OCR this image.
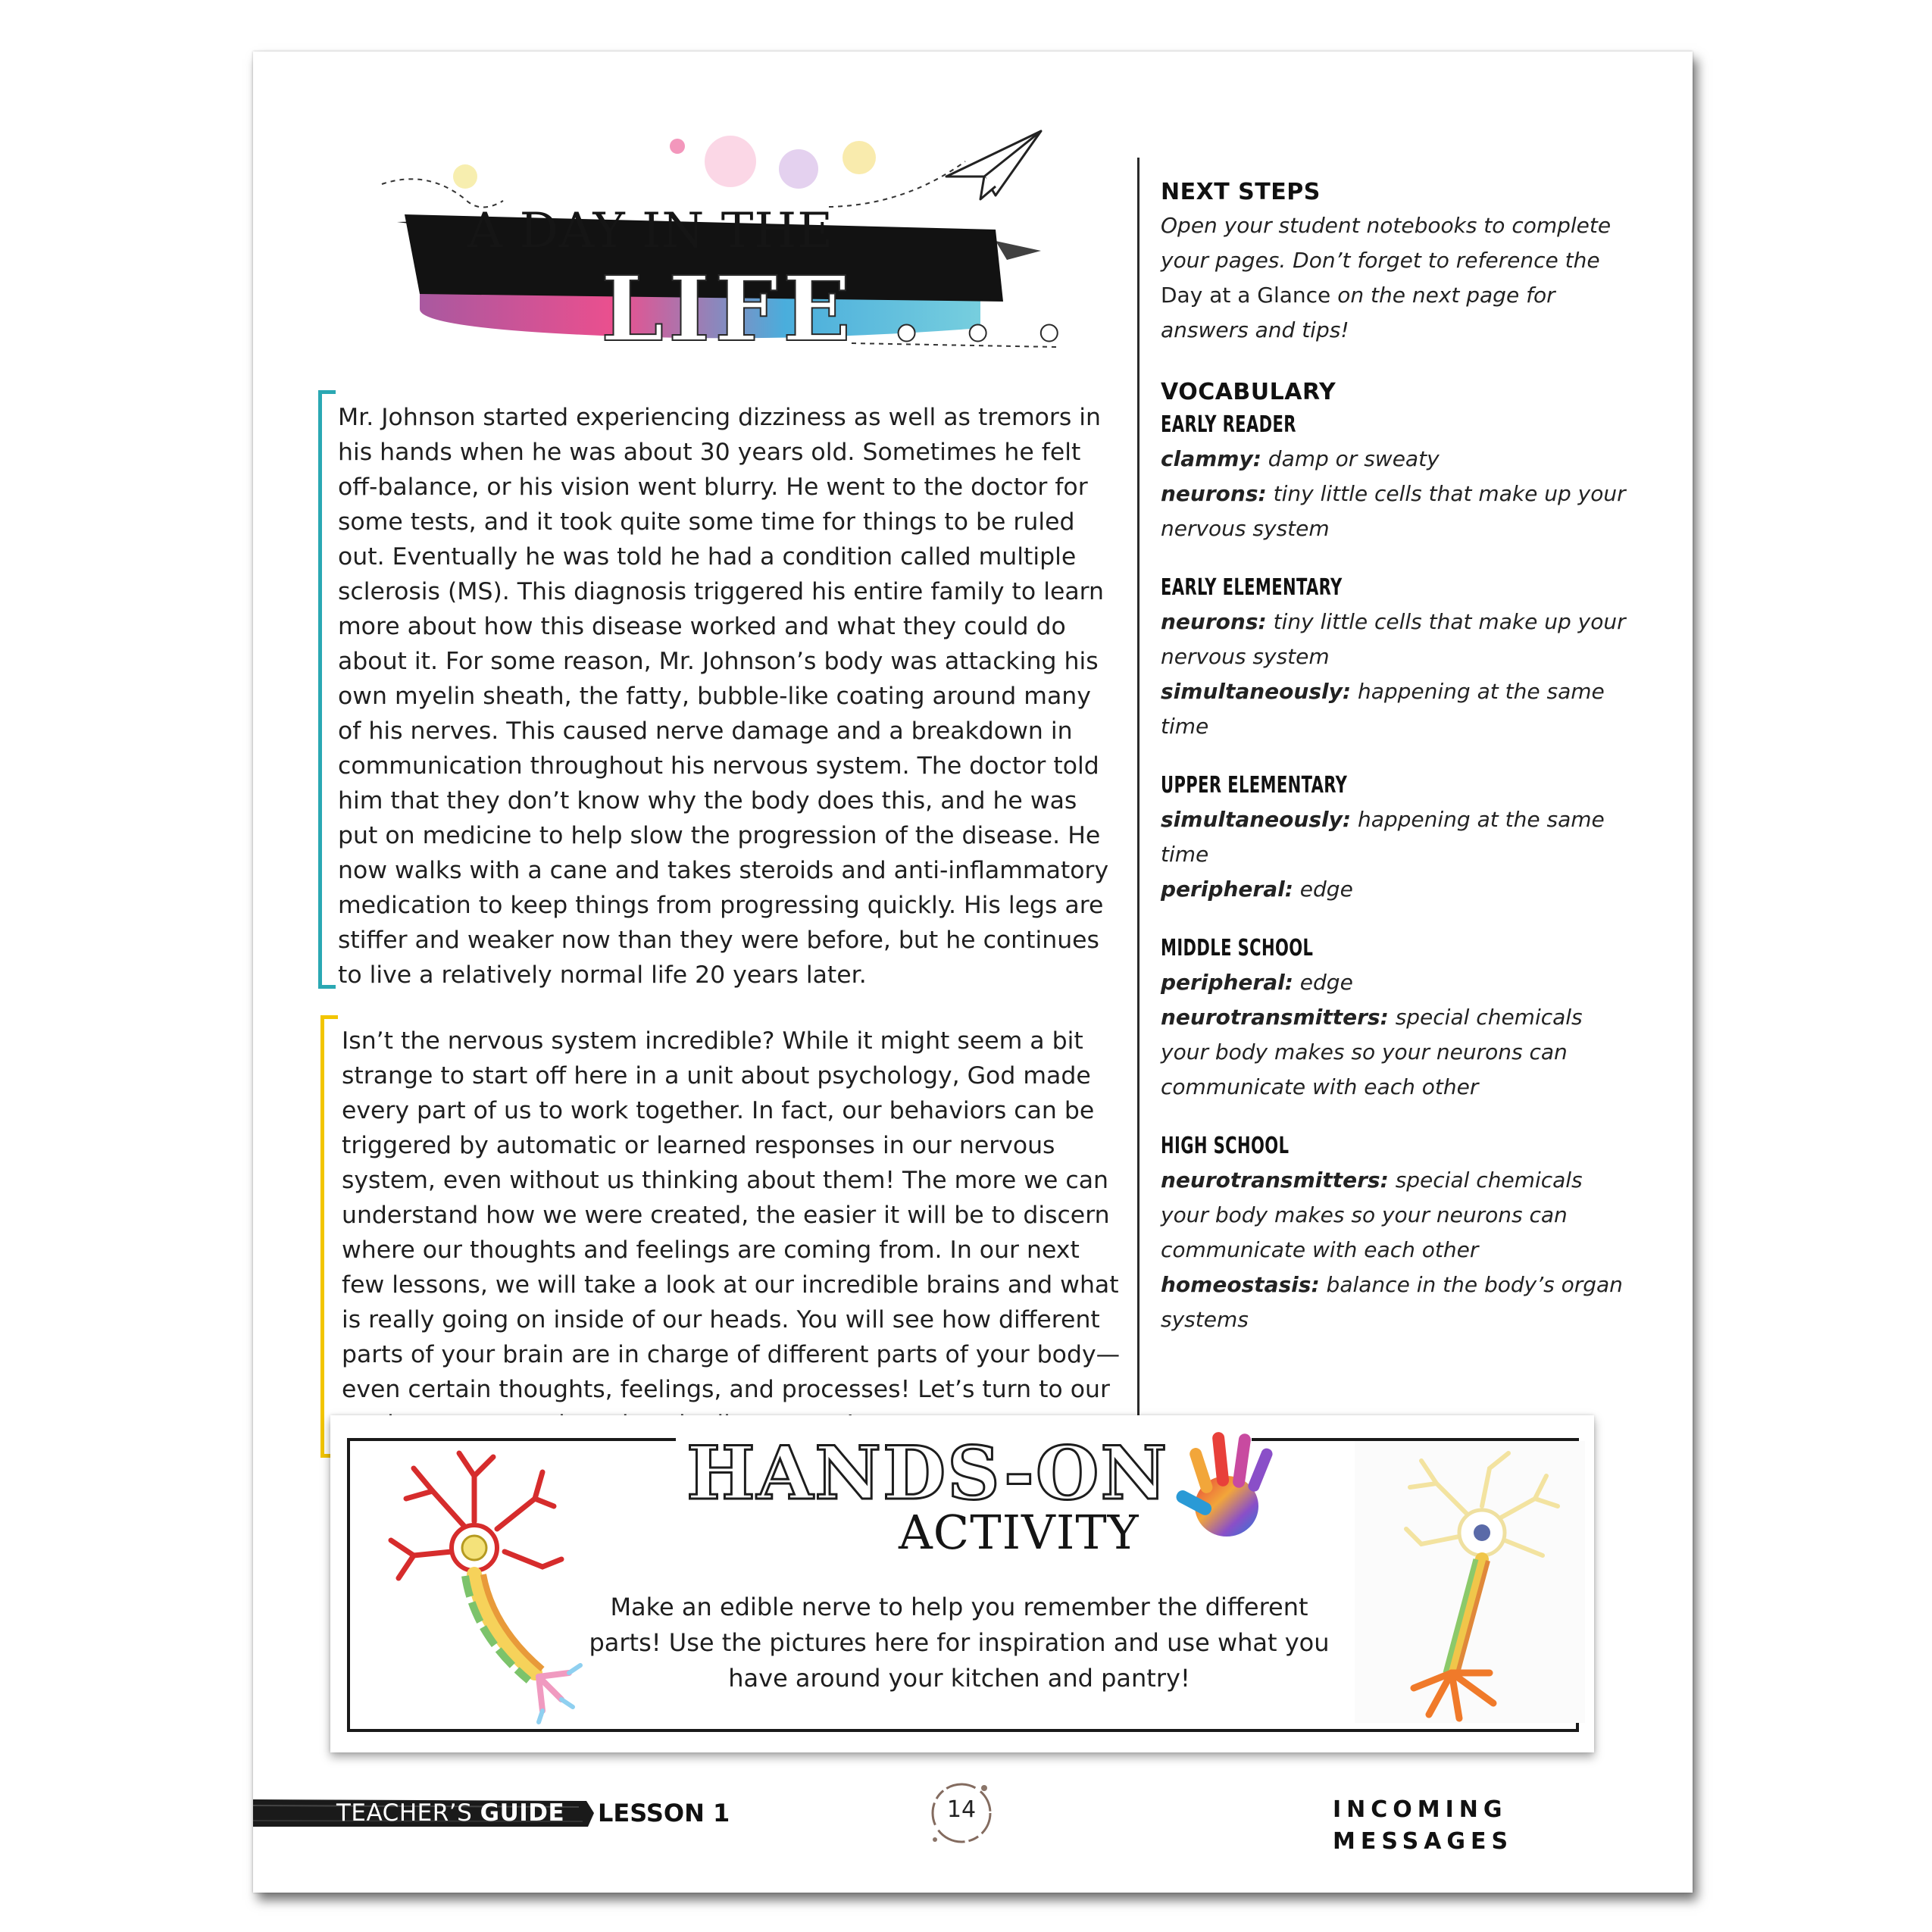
A DAY IN THE
LIFE . . .

Mr. Johnson started experiencing dizziness as well as tremors in his hands when he was about 30 years old. Sometimes he felt off-balance, or his vision went blurry. He went to the doctor for some tests, and it took quite some time for things to be ruled out. Eventually he was told he had a condition called multiple sclerosis (MS). This diagnosis triggered his entire family to learn more about how this disease worked and what they could do about it. For some reason, Mr. Johnson’s body was attacking his own myelin sheath, the fatty, bubble-like coating around many of his nerves. This caused nerve damage and a breakdown in communication throughout his nervous system. The doctor told him that they don’t know why the body does this, and he was put on medicine to help slow the progression of the disease. He now walks with a cane and takes steroids and anti-inflammatory medication to keep things from progressing quickly. His legs are stiffer and weaker now than they were before, but he continues to live a relatively normal life 20 years later.

Isn’t the nervous system incredible? While it might seem a bit strange to start off here in a unit about psychology, God made every part of us to work together. In fact, our behaviors can be triggered by automatic or learned responses in our nervous system, even without us thinking about them! The more we can understand how we were created, the easier it will be to discern where our thoughts and feelings are coming from. In our next few lessons, we will take a look at our incredible brains and what is really going on inside of our heads. You will see how different parts of your brain are in charge of different parts of your body—even certain thoughts, feelings, and processes! Let’s turn to our

NEXT STEPS

Open your student notebooks to complete your pages. Don’t forget to reference the Day at a Glance on the next page for answers and tips!

VOCABULARY
EARLY READER
clammy: damp or sweaty
neurons: tiny little cells that make up your nervous system
EARLY ELEMENTARY
neurons: tiny little cells that make up your nervous system
simultaneously: happening at the same time
UPPER ELEMENTARY
simultaneously: happening at the same time
peripheral: edge
MIDDLE SCHOOL
peripheral: edge
neurotransmitters: special chemicals your body makes so your neurons can communicate with each other
HIGH SCHOOL
neurotransmitters: special chemicals your body makes so your neurons can communicate with each other
homeostasis: balance in the body’s organ systems
HANDS-ON
ACTIVITY

Make an edible nerve to help you remember the different parts! Use the pictures here for inspiration and use what you have around your kitchen and pantry!

TEACHER’S GUIDE LESSON 1	14	INCOMING MESSAGES
